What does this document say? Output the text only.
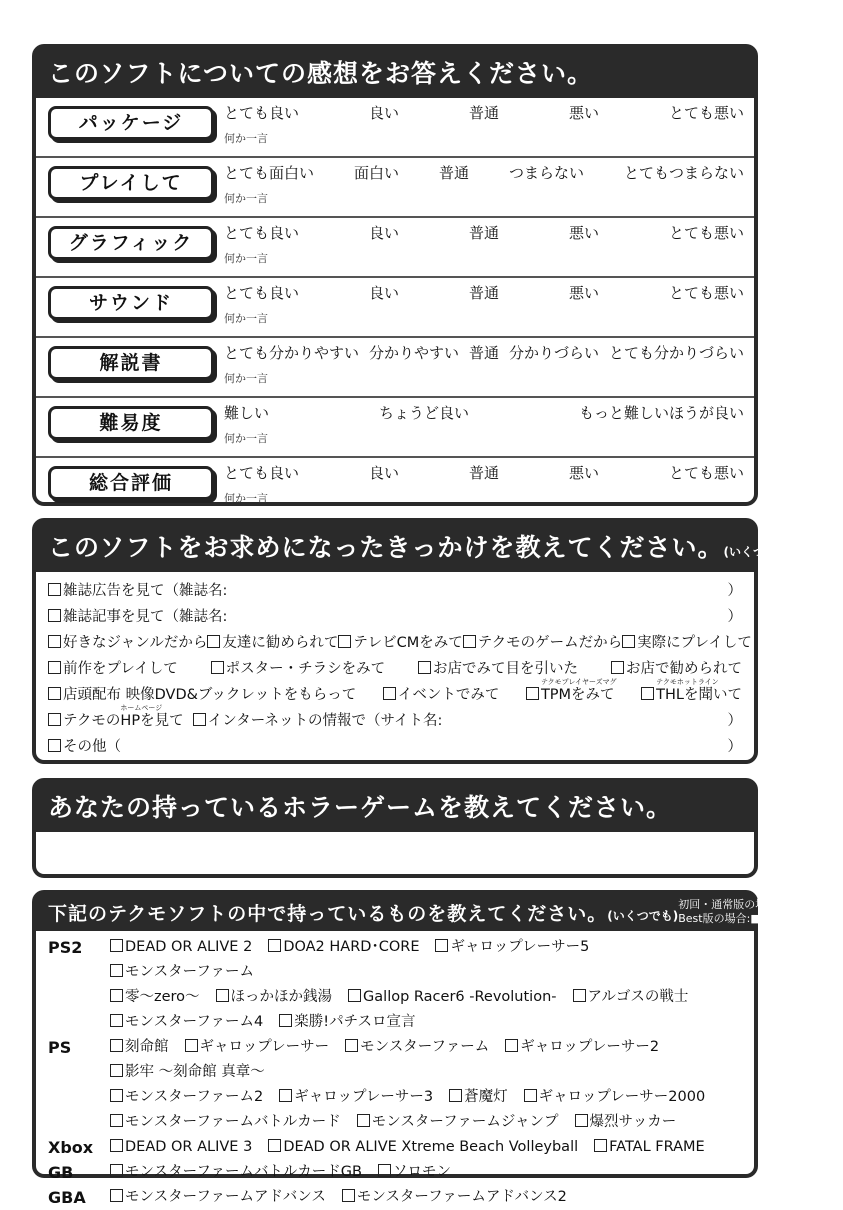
このソフトについての感想をお答えください。
パッケージ	とても良い	良い	普通	悪い	とても悪い
何か一言
プレイして	とても面白い	面白い	普通	つまらない	とてもつまらない
何か一言
グラフィック	とても良い	良い	普通	悪い	とても悪い
何か一言
サウンド	とても良い	良い	普通	悪い	とても悪い
何か一言
解説書	とても分かりやすい 分かりやすい 普通 分かりづらい とても分かりづらい
何か一言
難易度	難しい	ちょうど良い	もっと難しいほうが良い
何か一言
総合評価	とても良い	良い	普通	悪い	とても悪い
何か一言
このソフトをお求めになったきっかけを教えてください。(いくつでも)
雑誌広告を見て（雑誌名:	）
雑誌記事を見て（雑誌名:	）
好きなジャンルだから	友達に勧められて	テレビCMをみて	テクモのゲームだから	実際にプレイして
前作をプレイして	ポスター・チラシをみて	お店でみて目を引いた	お店で勧められて
店頭配布 映像DVD&ブックレットをもらって	イベントでみて
テクモプレイヤーズマグ
TPMをみて
テクモホットライン
THLを聞いて
テクモの
ホームページ
HPを見て インターネットの情報で（サイト名:	）
その他（	）
あなたの持っているホラーゲームを教えてください。
下記のテクモソフトの中で持っているものを教えてください。(いくつでも)
初回・通常版の場合:☑(チェック)
Best版の場合:■(ぬりつぶす)
PS2	DEAD OR ALIVE 2	DOA2 HARD･CORE	ギャロップレーサー5
モンスターファーム
零～zero～	ほっかほか銭湯	Gallop Racer6 -Revolution-	アルゴスの戦士
モンスターファーム4	楽勝!パチスロ宣言
PS	刻命館	ギャロップレーサー	モンスターファーム	ギャロップレーサー2
影牢 ～刻命館 真章～
モンスターファーム2	ギャロップレーサー3	蒼魔灯	ギャロップレーサー2000
モンスターファームバトルカード	モンスターファームジャンプ	爆烈サッカー
Xbox	DEAD OR ALIVE 3	DEAD OR ALIVE Xtreme Beach Volleyball	FATAL FRAME
GB	モンスターファームバトルカードGB	ソロモン
GBA	モンスターファームアドバンス	モンスターファームアドバンス2
